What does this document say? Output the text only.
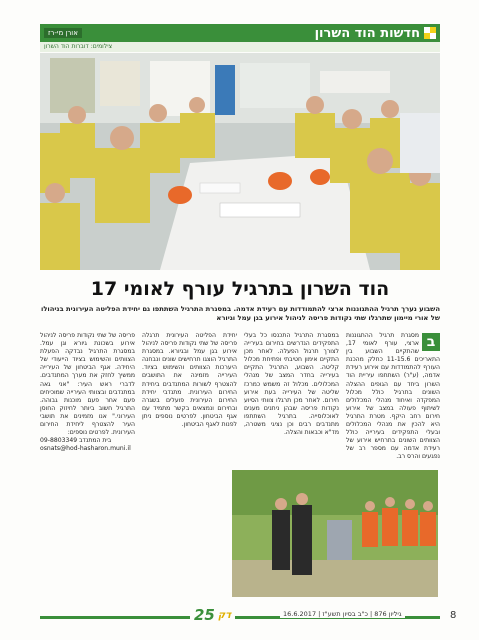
חדשות הוד השרון
אורן מי-רז
צילומים: דוברות הוד השרון
הוד השרון בתרגיל עורף לאומי 17
השבוע נערך תרגיל ההתגוננות ארצי להתמודדות עם רעידת אדמה. במסגרת התרגיל השתתפו גם יחידת הפליטה העירונית בניהולו של אורי מיימון שתרגלו שתי נקודות פריסה לניהול אירוע בגן עמל וגיורא
ב
מסגרת תרגיל ההתגוננות ארצי, עורף לאומי 17, שהתקיים השבוע בין התאריכים 11-15.6 כחלק מהכנת העורף להתמודדות עם אירוע רעידת אדמה, (ע"ר) השתתפו עיריית הוד השרון ביחד עם הגופים ההצלה השונים בתרגיל כולל מכלול המפקדה ואיחוד מנהלי המכלולים לשיתוף פעולה במצב של אירוע חירום רחב היקף. מטרת התרגיל היא להכין את מנהלי המכלולים ובעלי התפקידים בעירייה כולל הצוותים השונים בתרחיש אירוע של רעידת אדמה עם מספר רב של נפגעים והרס רב.
במסגרת התרגיל התכנסו כל בעלי התפקידים הנדרשים בחירום בעירייה לצורך תרגול הפעלה. לאחר מכן התקיים אימון חטיבתי ופתיחת מכלול קליטה. השבוע, התרגיל התקיים בעירייה בחדר המצב של מנהלי המכלולים. מכלול זה משמש כמרכז שליטה של העירייה בעת אירוע חירום. לאחר מכן תרגלו צוותי הסיוע נקודות פריסה שבהן ניתנים מענים לאוכלוסייה. בתרגיל השתתפו מתנדבים רבים וכן נציגי משטרה, מד"א וכבאות והצלה.
יחידת הפליטה העירונית תרגלה פריסה של שתי נקודות פריסה לניהול אירוע בגן עמל ובגיורא. במסגרת התרגיל הוצגו תרחישים שונים ונבחנה היערכות הצוותים והשימוש בציוד. העירייה מזמינה את התושבים להצטרף לשורות המתנדבים ביחידת החירום העירונית. מתנדבי יחידת החירום העירונית פועלים בשגרה ובחירום ונמצאים בקשר מתמיד עם אגף הביטחון. לפרטים נוספים ניתן לפנות לאגף הביטחון.
פריסה של שתי נקודות פריסה לניהול אירוע בשכונת גיורא וגן עמל. במסגרת התרגיל נבדקה הפעלת הצוותים והשימוש בציוד הייעודי של היחידה. אגף הביטחון של העירייה ממשיך לחזק את מערך המתנדבים. לדברי ראש העיר: "אני גאה במתנדבים ובצוותי העירייה שמוכיחים פעם אחר פעם מוכנות גבוהה. התרגיל חשוב ביותר לחיזוק החוסן העירוני." אנו מזמינים את תושבי העיר להצטרף ליחידת החירום העירונית. לפרטים נוספים:
09-8803349 בית המתנדב
osnats@hod-hasharon.muni.il
25 דק	גיליון 876 | כ"ב בסיון תשע"ז | 16.6.2017	8
